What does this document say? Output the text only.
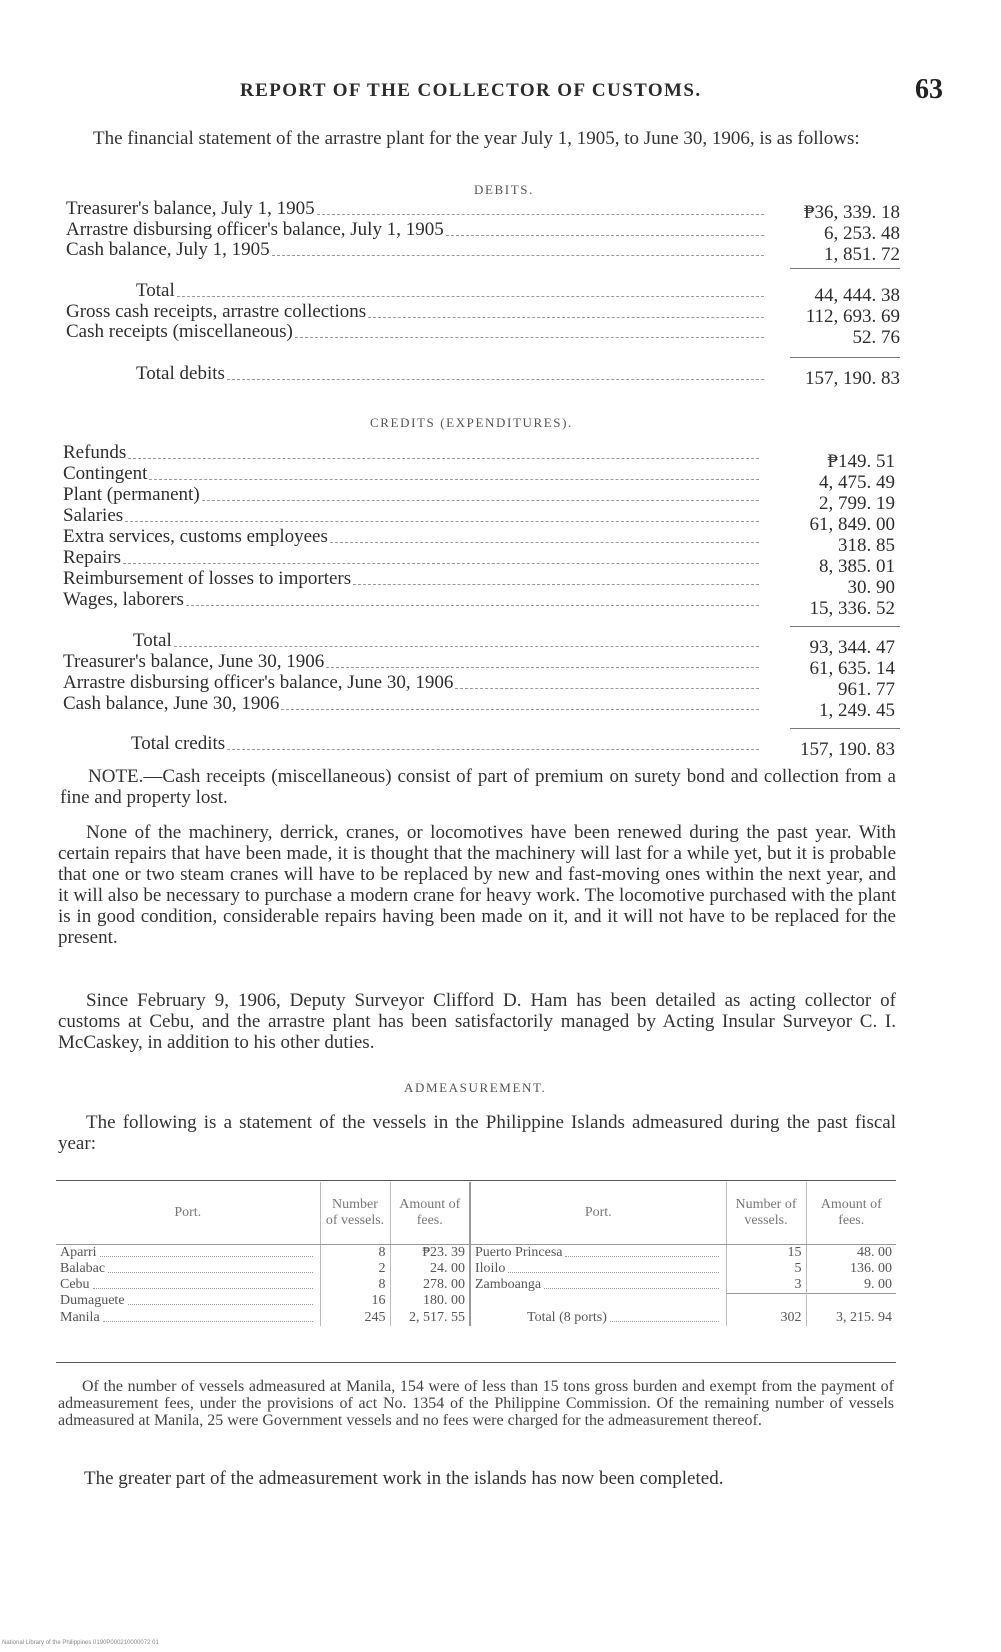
REPORT OF THE COLLECTOR OF CUSTOMS.	63
The financial statement of the arrastre plant for the year July 1, 1905, to June 30, 1906, is as follows:
DEBITS.
Treasurer's balance, July 1, 1905	₱36, 339. 18
Arrastre disbursing officer's balance, July 1, 1905	6, 253. 48
Cash balance, July 1, 1905	1, 851. 72
Total	44, 444. 38
Gross cash receipts, arrastre collections	112, 693. 69
Cash receipts (miscellaneous)	52. 76
Total debits	157, 190. 83
CREDITS (EXPENDITURES).
Refunds	₱149. 51
Contingent	4, 475. 49
Plant (permanent)	2, 799. 19
Salaries	61, 849. 00
Extra services, customs employees	318. 85
Repairs	8, 385. 01
Reimbursement of losses to importers	30. 90
Wages, laborers	15, 336. 52
Total	93, 344. 47
Treasurer's balance, June 30, 1906	61, 635. 14
Arrastre disbursing officer's balance, June 30, 1906	961. 77
Cash balance, June 30, 1906	1, 249. 45
Total credits	157, 190. 83
NOTE.—Cash receipts (miscellaneous) consist of part of premium on surety bond and collection from a fine and property lost.
None of the machinery, derrick, cranes, or locomotives have been renewed during the past year. With certain repairs that have been made, it is thought that the machinery will last for a while yet, but it is probable that one or two steam cranes will have to be replaced by new and fast-moving ones within the next year, and it will also be necessary to purchase a modern crane for heavy work. The locomotive purchased with the plant is in good condition, considerable repairs having been made on it, and it will not have to be replaced for the present.
Since February 9, 1906, Deputy Surveyor Clifford D. Ham has been detailed as acting collector of customs at Cebu, and the arrastre plant has been satisfactorily managed by Acting Insular Surveyor C. I. McCaskey, in addition to his other duties.
ADMEASUREMENT.
The following is a statement of the vessels in the Philippine Islands admeasured during the past fiscal year:
Port.	Number of vessels.	Amount of fees.	Port.	Number of vessels.	Amount of fees.

Aparri	8	₱23. 39	Puerto Princesa	15	48. 00

Balabac	2	24. 00	Iloilo	5	136. 00

Cebu	8	278. 00	Zamboanga	3	9. 00

Dumaguete	16	180. 00			

Manila	245	2, 517. 55	Total (8 ports)	302	3, 215. 94
Of the number of vessels admeasured at Manila, 154 were of less than 15 tons gross burden and exempt from the payment of admeasurement fees, under the provisions of act No. 1354 of the Philippine Commission. Of the remaining number of vessels admeasured at Manila, 25 were Government vessels and no fees were charged for the admeasurement thereof.
The greater part of the admeasurement work in the islands has now been completed.
National Library of the Philippines 0190P000210000072 01
